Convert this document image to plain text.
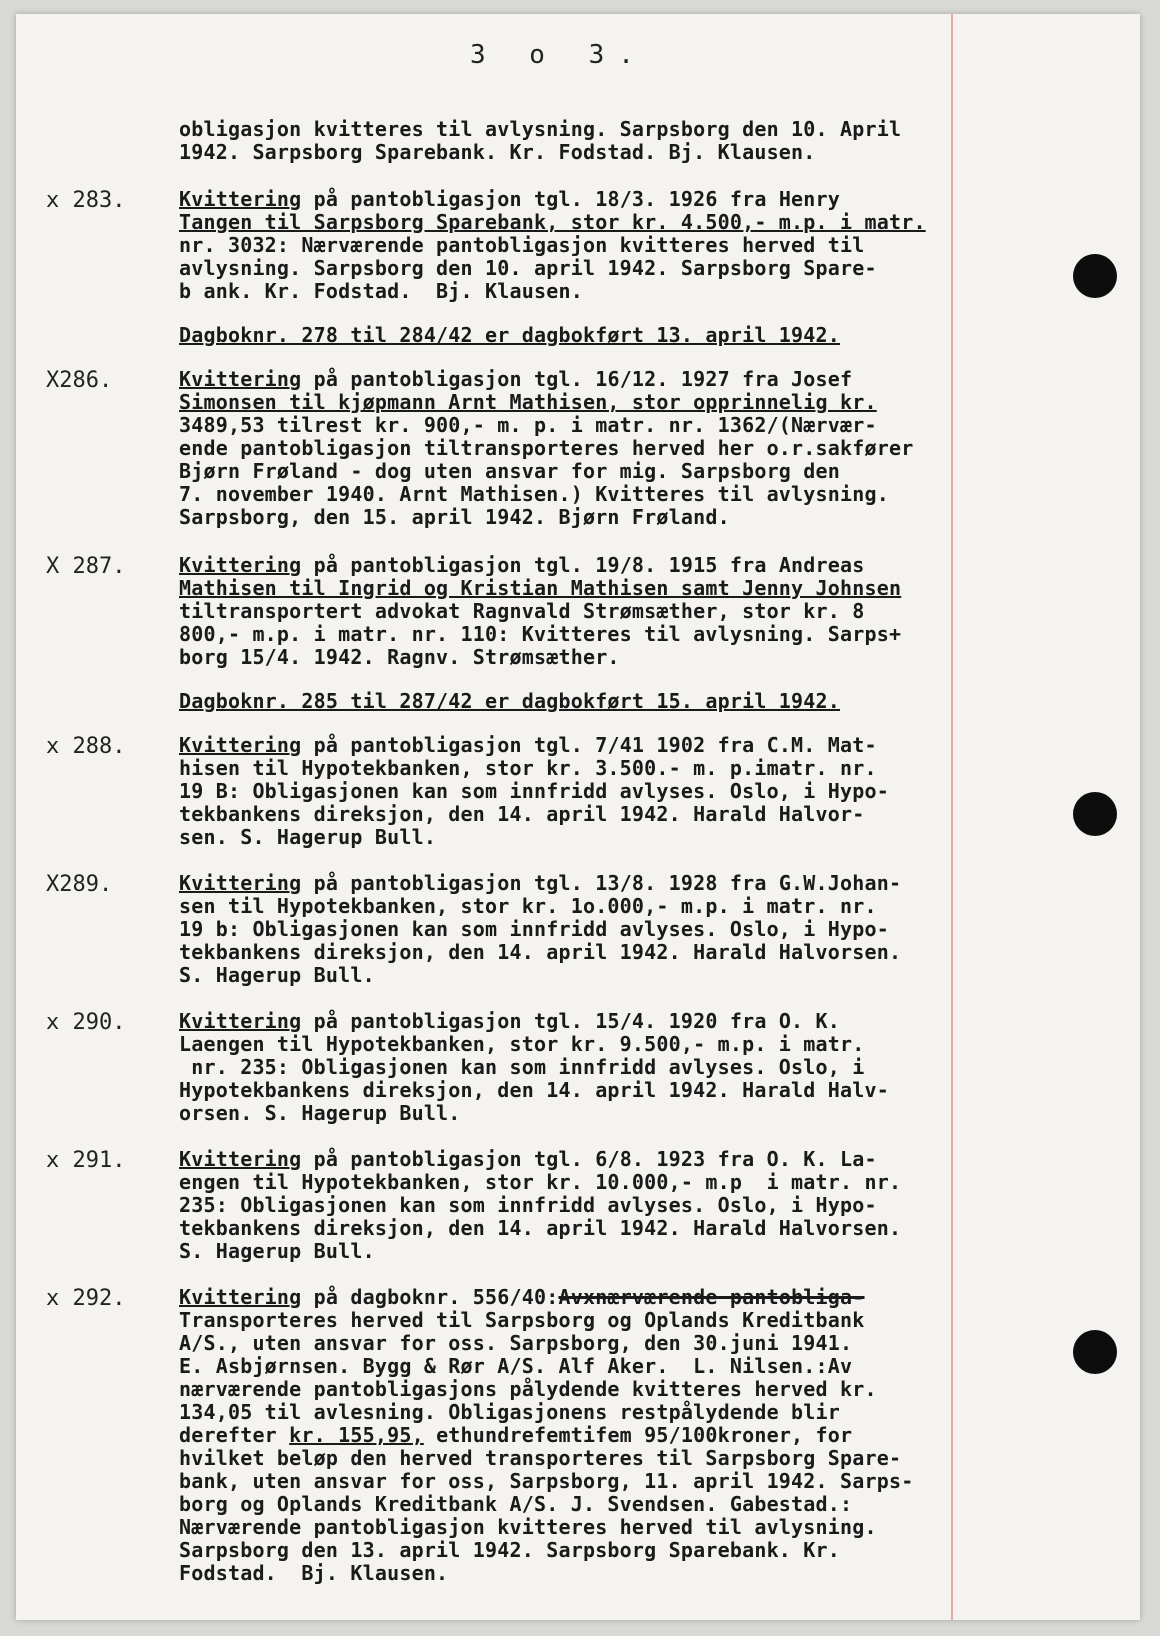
3 o 3.
obligasjon kvitteres til avlysning. Sarpsborg den 10. April
1942. Sarpsborg Sparebank. Kr. Fodstad. Bj. Klausen.
x 283.	Kvittering på pantobligasjon tgl. 18/3. 1926 fra Henry
Tangen til Sarpsborg Sparebank, stor kr. 4.500,- m.p. i matr.
nr. 3032: Nærværende pantobligasjon kvitteres herved til
avlysning. Sarpsborg den 10. april 1942. Sarpsborg Spare-
b ank. Kr. Fodstad.  Bj. Klausen.
Dagboknr. 278 til 284/42 er dagbokført 13. april 1942.
X286.	Kvittering på pantobligasjon tgl. 16/12. 1927 fra Josef
Simonsen til kjøpmann Arnt Mathisen, stor opprinnelig kr.
3489,53 tilrest kr. 900,- m. p. i matr. nr. 1362/(Nærvær-
ende pantobligasjon tiltransporteres herved her o.r.sakfører
Bjørn Frøland - dog uten ansvar for mig. Sarpsborg den
7. november 1940. Arnt Mathisen.) Kvitteres til avlysning.
Sarpsborg, den 15. april 1942. Bjørn Frøland.
X 287.	Kvittering på pantobligasjon tgl. 19/8. 1915 fra Andreas
Mathisen til Ingrid og Kristian Mathisen samt Jenny Johnsen
tiltransportert advokat Ragnvald Strømsæther, stor kr. 8
800,- m.p. i matr. nr. 110: Kvitteres til avlysning. Sarps+
borg 15/4. 1942. Ragnv. Strømsæther.
Dagboknr. 285 til 287/42 er dagbokført 15. april 1942.
x 288.	Kvittering på pantobligasjon tgl. 7/41 1902 fra C.M. Mat-
hisen til Hypotekbanken, stor kr. 3.500.- m. p.imatr. nr.
19 B: Obligasjonen kan som innfridd avlyses. Oslo, i Hypo-
tekbankens direksjon, den 14. april 1942. Harald Halvor-
sen. S. Hagerup Bull.
X289.	Kvittering på pantobligasjon tgl. 13/8. 1928 fra G.W.Johan-
sen til Hypotekbanken, stor kr. 1o.000,- m.p. i matr. nr.
19 b: Obligasjonen kan som innfridd avlyses. Oslo, i Hypo-
tekbankens direksjon, den 14. april 1942. Harald Halvorsen.
S. Hagerup Bull.
x 290.	Kvittering på pantobligasjon tgl. 15/4. 1920 fra O. K.
Laengen til Hypotekbanken, stor kr. 9.500,- m.p. i matr.
nr. 235: Obligasjonen kan som innfridd avlyses. Oslo, i
Hypotekbankens direksjon, den 14. april 1942. Harald Halv-
orsen. S. Hagerup Bull.
x 291.	Kvittering på pantobligasjon tgl. 6/8. 1923 fra O. K. La-
engen til Hypotekbanken, stor kr. 10.000,- m.p  i matr. nr.
235: Obligasjonen kan som innfridd avlyses. Oslo, i Hypo-
tekbankens direksjon, den 14. april 1942. Harald Halvorsen.
S. Hagerup Bull.
x 292.	Kvittering på dagboknr. 556/40:Avxnærværende pantobliga-
Transporteres herved til Sarpsborg og Oplands Kreditbank
A/S., uten ansvar for oss. Sarpsborg, den 30.juni 1941.
E. Asbjørnsen. Bygg & Rør A/S. Alf Aker.  L. Nilsen.:Av
nærværende pantobligasjons pålydende kvitteres herved kr.
134,05 til avlesning. Obligasjonens restpålydende blir
derefter kr. 155,95, ethundrefemtifem 95/100kroner, for
hvilket beløp den herved transporteres til Sarpsborg Spare-
bank, uten ansvar for oss, Sarpsborg, 11. april 1942. Sarps-
borg og Oplands Kreditbank A/S. J. Svendsen. Gabestad.:
Nærværende pantobligasjon kvitteres herved til avlysning.
Sarpsborg den 13. april 1942. Sarpsborg Sparebank. Kr.
Fodstad.  Bj. Klausen.
